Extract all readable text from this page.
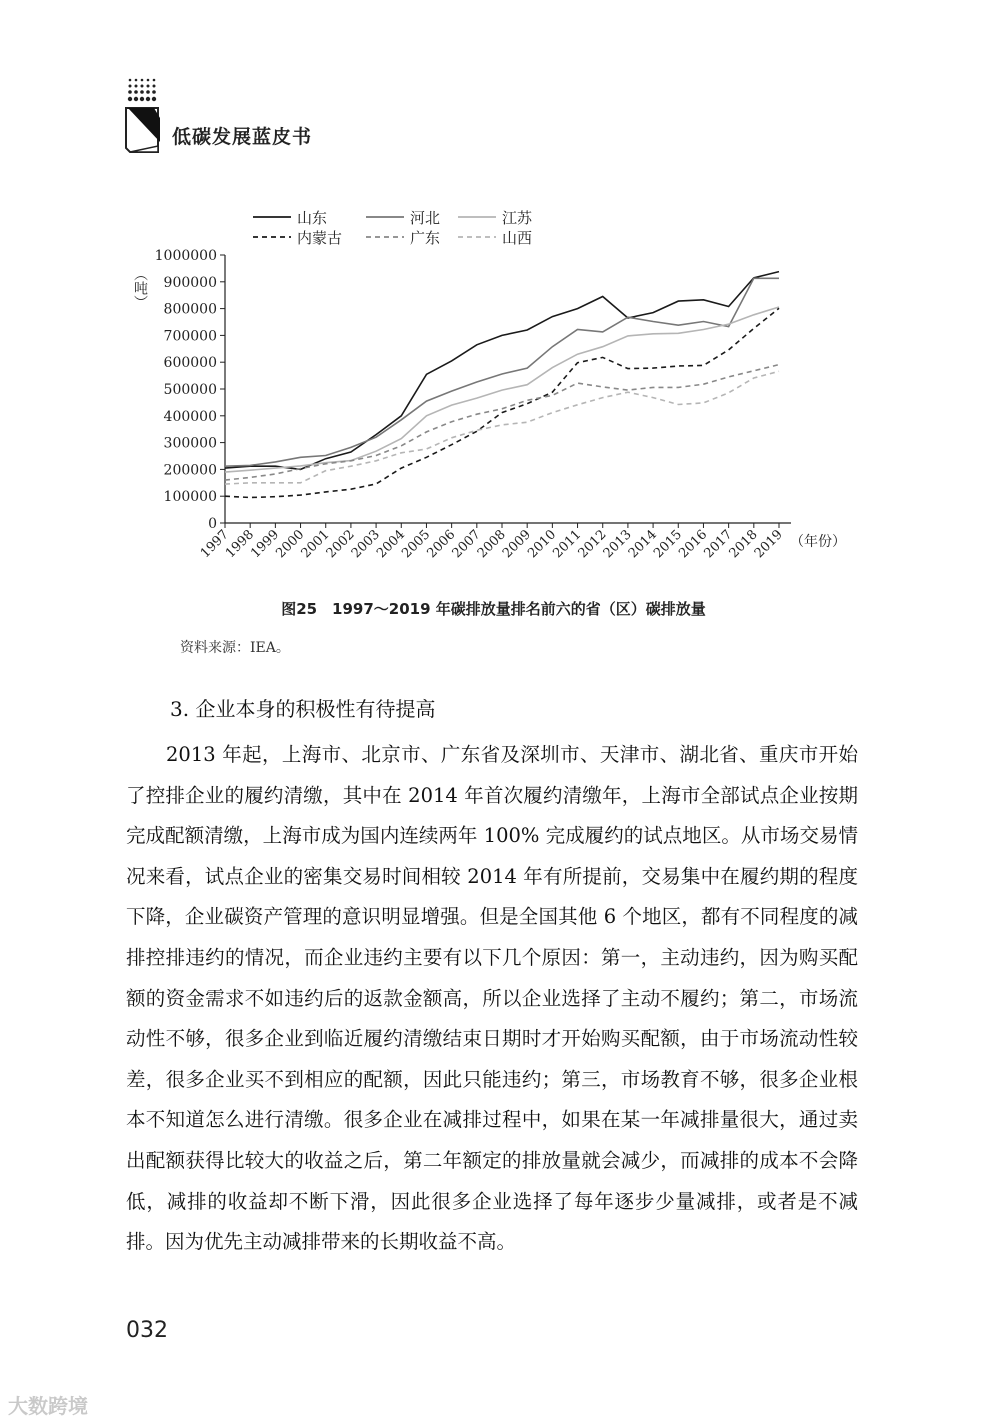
低碳发展蓝皮书
山东	河北	江苏
内蒙古	广东	山西
0
100000
200000
300000
400000
500000
600000
700000
800000
900000
1000000
1997
1998
1999
2000
2001
2002
2003
2004
2005
2006
2007
2008
2009
2010
2011
2012
2013
2014
2015
2016
2017
2018
2019
（吨）
（年份）
图25　1997～2019 年碳排放量排名前六的省（区）碳排放量
资料来源：IEA。
3. 企业本身的积极性有待提高

2013 年起，上海市、北京市、广东省及深圳市、天津市、湖北省、重庆市开始了控排企业的履约清缴，其中在 2014 年首次履约清缴年，上海市全部试点企业按期完成配额清缴，上海市成为国内连续两年 100% 完成履约的试点地区。从市场交易情况来看，试点企业的密集交易时间相较 2014 年有所提前，交易集中在履约期的程度下降，企业碳资产管理的意识明显增强。但是全国其他 6 个地区，都有不同程度的减排控排违约的情况，而企业违约主要有以下几个原因：第一，主动违约，因为购买配额的资金需求不如违约后的返款金额高，所以企业选择了主动不履约；第二，市场流动性不够，很多企业到临近履约清缴结束日期时才开始购买配额，由于市场流动性较差，很多企业买不到相应的配额，因此只能违约；第三，市场教育不够，很多企业根本不知道怎么进行清缴。很多企业在减排过程中，如果在某一年减排量很大，通过卖出配额获得比较大的收益之后，第二年额定的排放量就会减少，而减排的成本不会降低，减排的收益却不断下滑，因此很多企业选择了每年逐步少量减排，或者是不减排。因为优先主动减排带来的长期收益不高。

032
大数跨境
